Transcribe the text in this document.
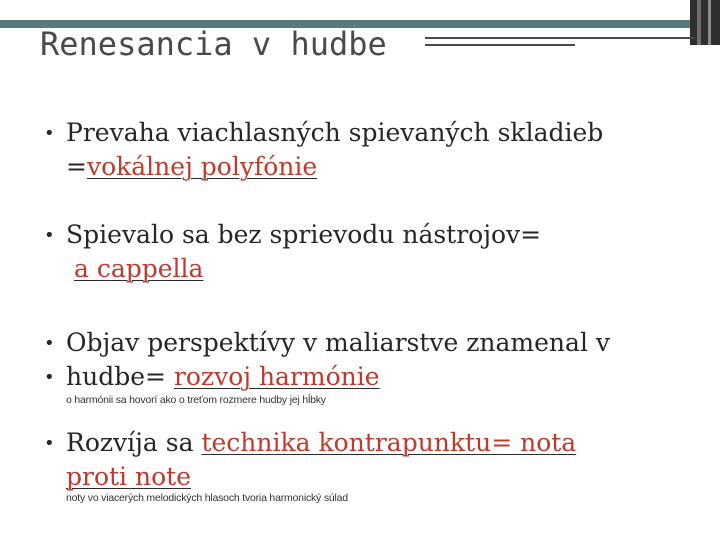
Renesancia v hudbe
• Prevaha viachlasných spievaných skladieb
=vokálnej polyfónie
• Spievalo sa bez sprievodu nástrojov=
a cappella
• Objav perspektívy v maliarstve znamenal v
• hudbe= rozvoj harmónie
o harmónii sa hovorí ako o treťom rozmere hudby jej hĺbky
• Rozvíja sa technika kontrapunktu= nota
proti note
noty vo viacerých melodických hlasoch tvoria harmonický súlad
